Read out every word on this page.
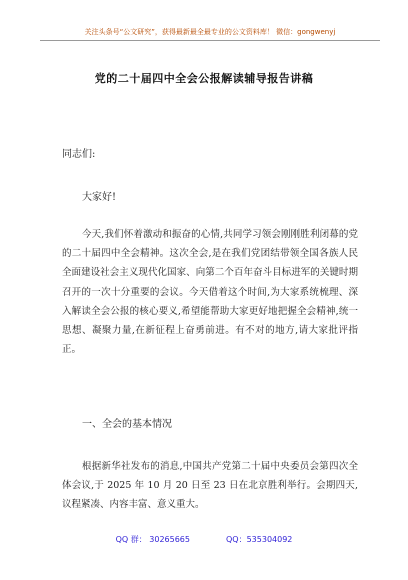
关注头条号“公文研究”，获得最新最全最专业的公文资料库！ 微信：gongwenyj
党的二十届四中全会公报解读辅导报告讲稿
同志们:
大家好!

今天,我们怀着激动和振奋的心情,共同学习领会刚刚胜利闭幕的党的二十届四中全会精神。这次全会,是在我们党团结带领全国各族人民全面建设社会主义现代化国家、向第二个百年奋斗目标进军的关键时期召开的一次十分重要的会议。今天借着这个时间,为大家系统梳理、深入解读全会公报的核心要义,希望能帮助大家更好地把握全会精神,统一思想、凝聚力量,在新征程上奋勇前进。有不对的地方,请大家批评指正。

一、全会的基本情况

根据新华社发布的消息,中国共产党第二十届中央委员会第四次全体会议,于 2025 年 10 月 20 日至 23 日在北京胜利举行。会期四天,议程紧凑、内容丰富、意义重大。

QQ 群： 30265665	QQ：535304092
